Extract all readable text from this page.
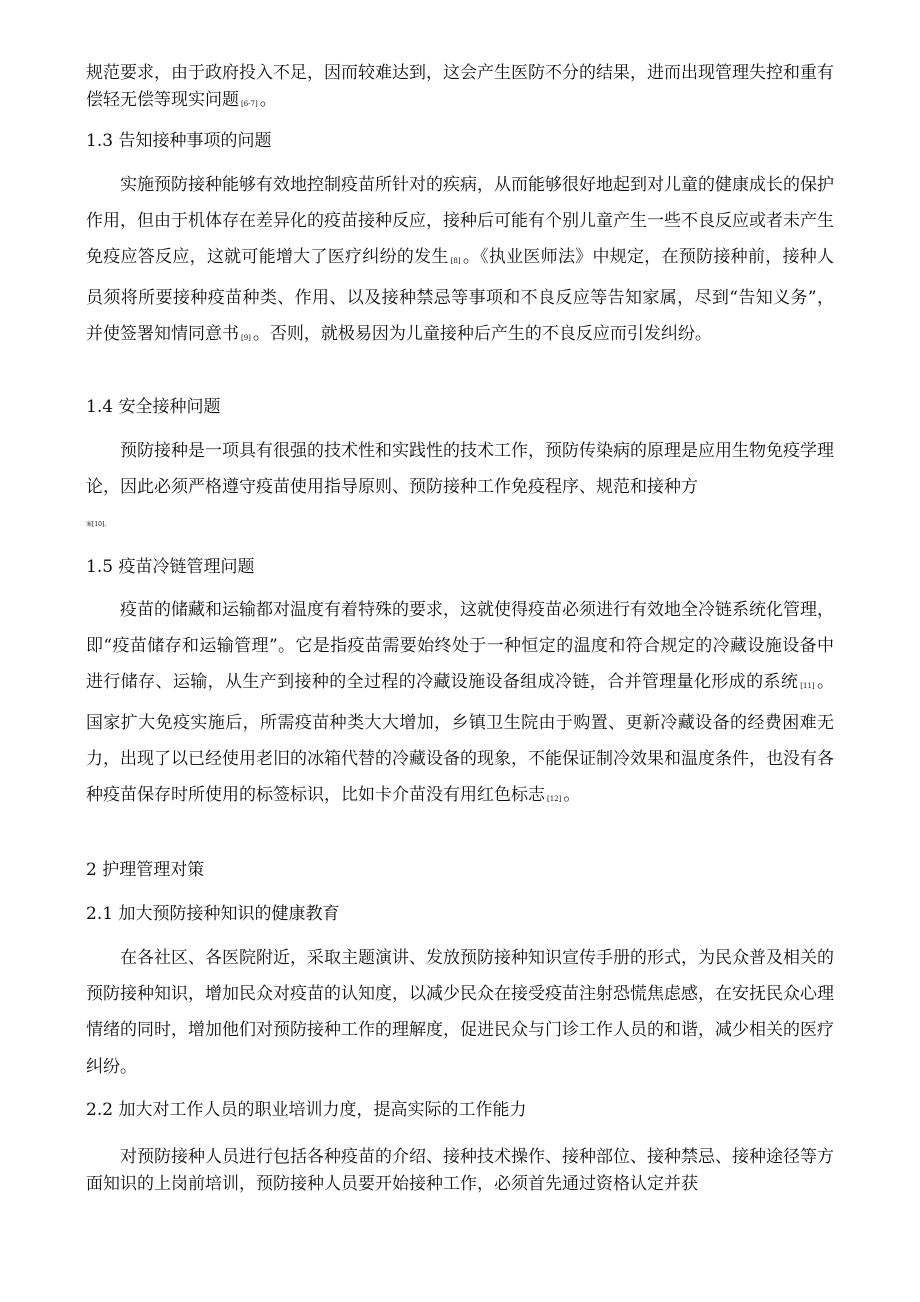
规范要求，由于政府投入不足，因而较难达到，这会产生医防不分的结果，进而出现管理失控和重有偿轻无偿等现实问题 [6-7] 。

1.3 告知接种事项的问题

实施预防接种能够有效地控制疫苗所针对的疾病，从而能够很好地起到对儿童的健康成长的保护作用，但由于机体存在差异化的疫苗接种反应，接种后可能有个别儿童产生一些不良反应或者未产生免疫应答反应，这就可能增大了医疗纠纷的发生 [8] 。《执业医师法》中规定，在预防接种前，接种人员须将所要接种疫苗种类、作用、以及接种禁忌等事项和不良反应等告知家属，尽到“告知义务”，并使签署知情同意书 [9] 。否则，就极易因为儿童接种后产生的不良反应而引发纠纷。

1.4 安全接种问题

预防接种是一项具有很强的技术性和实践性的技术工作，预防传染病的原理是应用生物免疫学理论，因此必须严格遵守疫苗使用指导原则、预防接种工作免疫程序、规范和接种方

案[10]。
1.5 疫苗冷链管理问题

疫苗的储藏和运输都对温度有着特殊的要求，这就使得疫苗必须进行有效地全冷链系统化管理，即“疫苗储存和运输管理”。它是指疫苗需要始终处于一种恒定的温度和符合规定的冷藏设施设备中进行储存、运输，从生产到接种的全过程的冷藏设施设备组成冷链，合并管理量化形成的系统 [11] 。国家扩大免疫实施后，所需疫苗种类大大增加，乡镇卫生院由于购置、更新冷藏设备的经费困难无力，出现了以已经使用老旧的冰箱代替的冷藏设备的现象，不能保证制冷效果和温度条件，也没有各种疫苗保存时所使用的标签标识，比如卡介苗没有用红色标志 [12] 。

2 护理管理对策
2.1 加大预防接种知识的健康教育

在各社区、各医院附近，采取主题演讲、发放预防接种知识宣传手册的形式，为民众普及相关的预防接种知识，增加民众对疫苗的认知度，以减少民众在接受疫苗注射恐慌焦虑感，在安抚民众心理情绪的同时，增加他们对预防接种工作的理解度，促进民众与门诊工作人员的和谐，减少相关的医疗纠纷。

2.2 加大对工作人员的职业培训力度，提高实际的工作能力

对预防接种人员进行包括各种疫苗的介绍、接种技术操作、接种部位、接种禁忌、接种途径等方面知识的上岗前培训，预防接种人员要开始接种工作，必须首先通过资格认定并获
